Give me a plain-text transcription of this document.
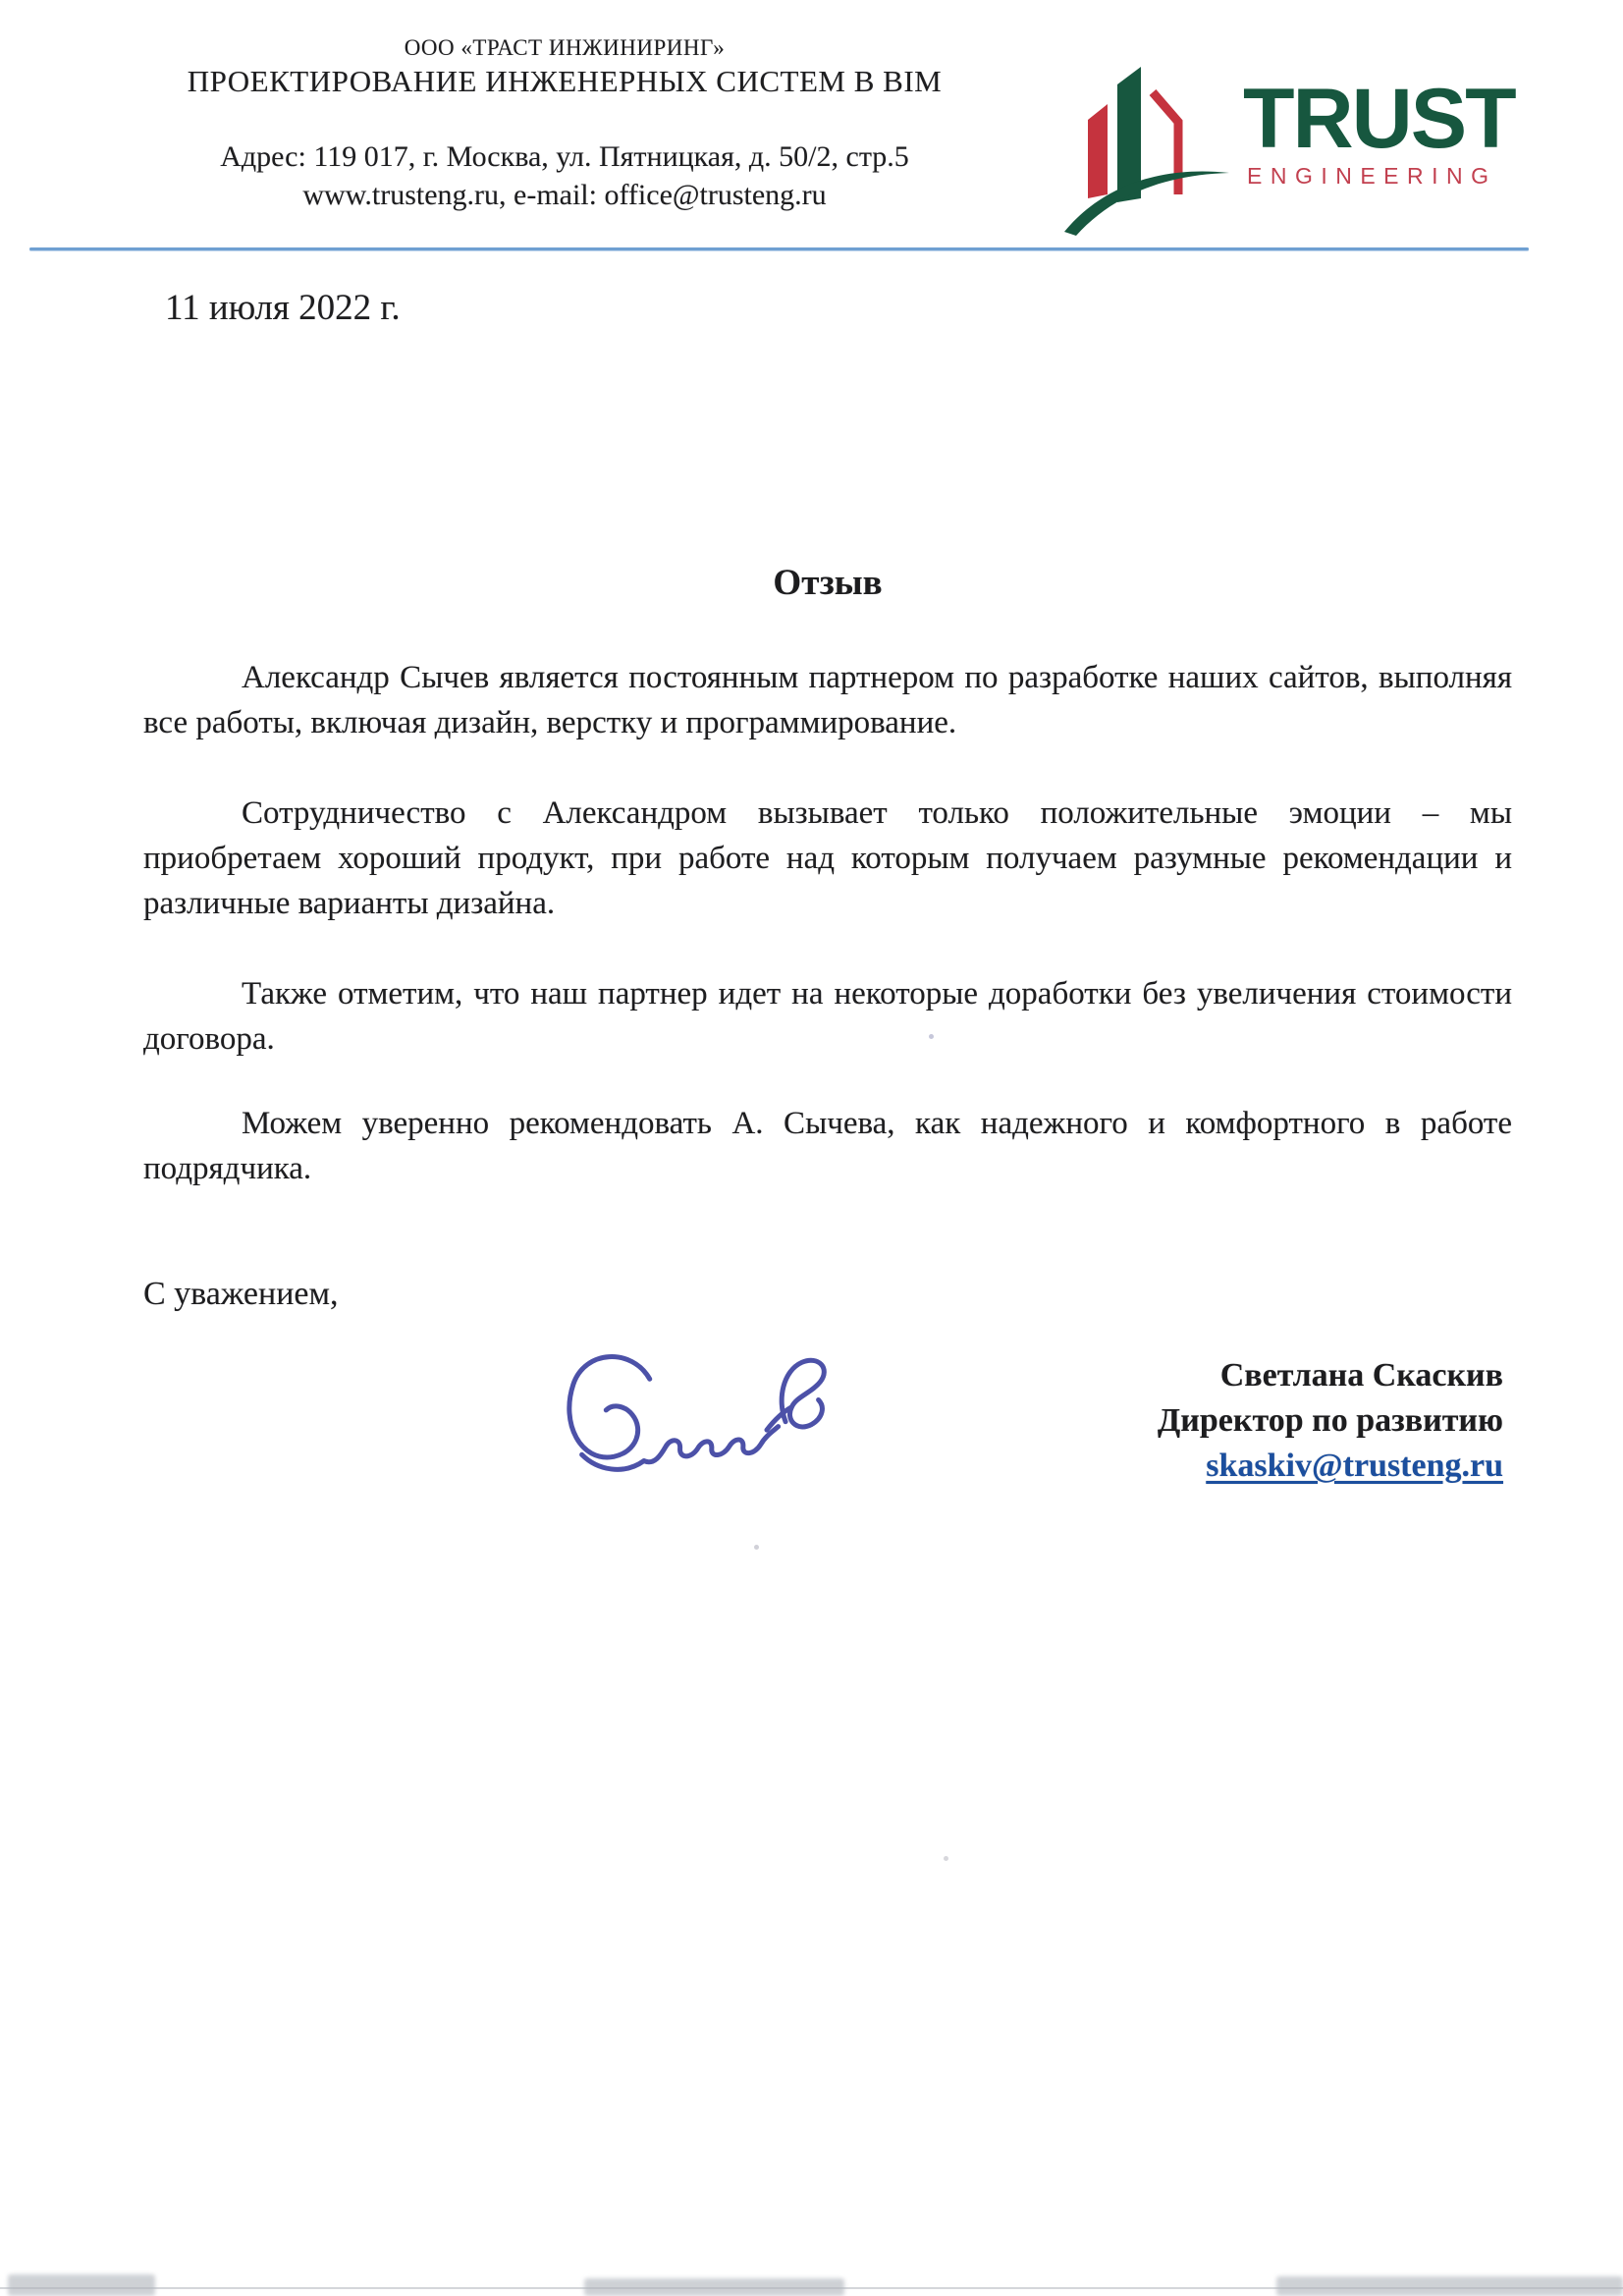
ООО «ТРАСТ ИНЖИНИРИНГ»
ПРОЕКТИРОВАНИЕ ИНЖЕНЕРНЫХ СИСТЕМ В BIM
Адрес: 119 017, г. Москва, ул. Пятницкая, д. 50/2, стр.5
www.trusteng.ru, e-mail: office@trusteng.ru
TRUST
ENGINEERING
11 июля 2022 г.

Отзыв

Александр Сычев является постоянным партнером по разработке наших сайтов, выполняя все работы, включая дизайн, верстку и программирование.

Сотрудничество с Александром вызывает только положительные эмоции – мы приобретаем хороший продукт, при работе над которым получаем разумные рекомендации и различные варианты дизайна.

Также отметим, что наш партнер идет на некоторые доработки без увеличения стоимости договора.

Можем уверенно рекомендовать А. Сычева, как надежного и комфортного в работе подрядчика.

С уважением,

Светлана Скаскив
Директор по развитию
skaskiv@trusteng.ru
